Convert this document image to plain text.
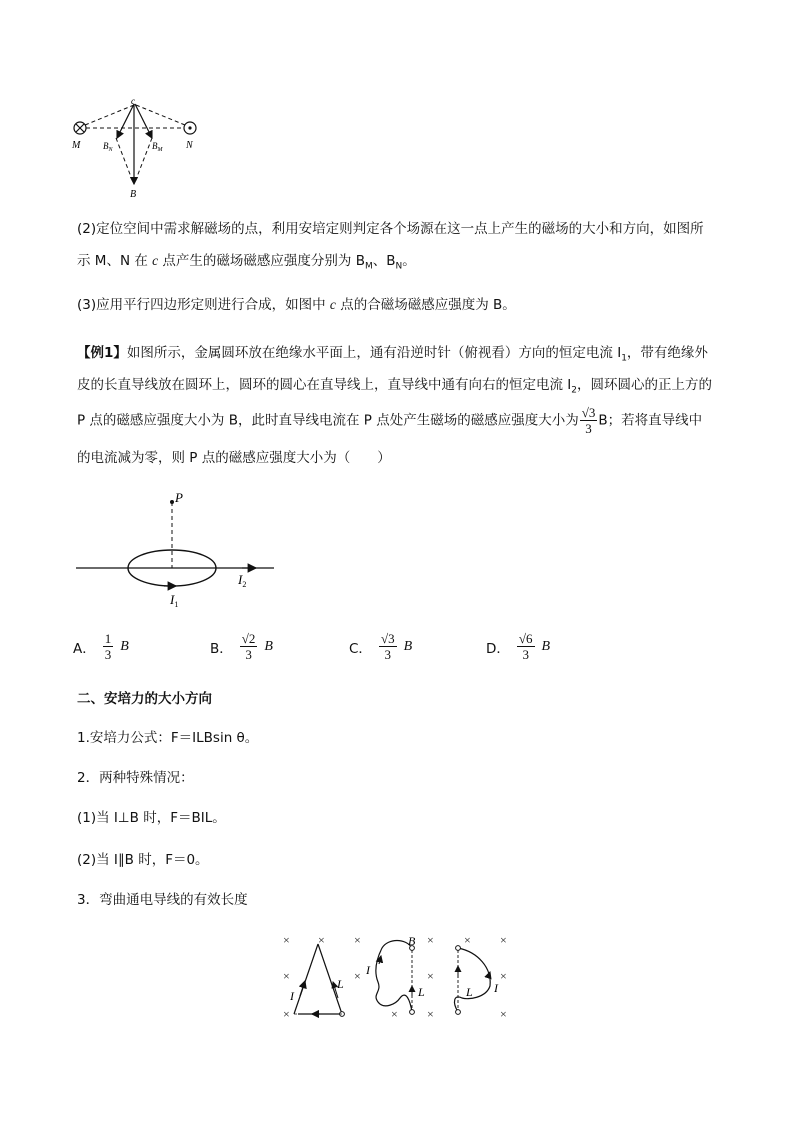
c
M	N
$B_N$	$B_M$
B
(2)定位空间中需求解磁场的点，利用安培定则判定各个场源在这一点上产生的磁场的大小和方向，如图所
示 M、N 在 c 点产生的磁场磁感应强度分别为 $B_M$、$B_N$。
(3)应用平行四边形定则进行合成，如图中 c 点的合磁场磁感应强度为 B。
【例1】如图所示，金属圆环放在绝缘水平面上，通有沿逆时针（俯视看）方向的恒定电流 $I_1$，带有绝缘外
皮的长直导线放在圆环上，圆环的圆心在直导线上，直导线中通有向右的恒定电流 $I_2$，圆环圆心的正上方的
P 点的磁感应强度大小为 B，此时直导线电流在 P 点处产生磁场的磁感应强度大小为 $\frac{√3}{3}$ B；若将直导线中
的电流减为零，则 P 点的磁感应强度大小为（　　）
P
$I_2$
$I_1$
A． $\frac{1}{3}$ B	B． $\frac{√2}{3}$ B	C． $\frac{√3}{3}$ B	D． $\frac{√6}{3}$ B
二、安培力的大小方向
1.安培力公式：F＝ILBsin θ。
2．两种特殊情况：
(1)当 I⊥B 时，F＝BIL。
(2)当 I∥B 时，F＝0。
3．弯曲通电导线的有效长度
× × ×	×	× ×
×	×	×	×
×	× ×	×
I
L
I
B
L	L I
